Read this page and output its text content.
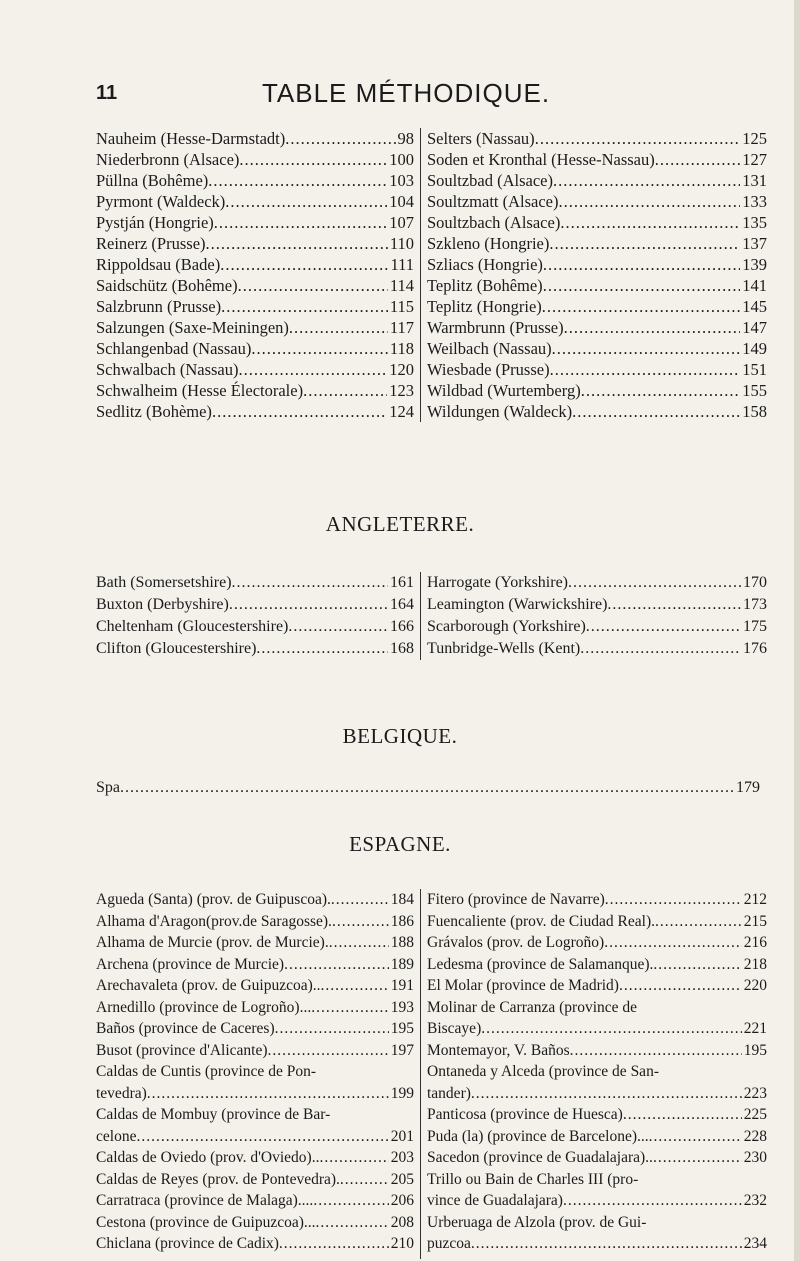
TABLE MÉTHODIQUE.
11
Nauheim (Hesse-Darmstadt) .....	98
Niederbronn (Alsace) .....	100
Püllna (Bohême) .....	103
Pyrmont (Waldeck) .....	104
Pystján (Hongrie) .....	107
Reinerz (Prusse) .....	110
Rippoldsau (Bade) .....	111
Saidschütz (Bohême) .....	114
Salzbrunn (Prusse) .....	115
Salzungen (Saxe-Meiningen) .....	117
Schlangenbad (Nassau) .....	118
Schwalbach (Nassau) .....	120
Schwalheim (Hesse Électorale) .....	123
Sedlitz (Bohème) .....	124
Selters (Nassau) .....	125
Soden et Kronthal (Hesse-Nassau) .....	127
Soultzbad (Alsace) .....	131
Soultzmatt (Alsace) .....	133
Soultzbach (Alsace) .....	135
Szkleno (Hongrie) .....	137
Szliacs (Hongrie) .....	139
Teplitz (Bohême) .....	141
Teplitz (Hongrie) .....	145
Warmbrunn (Prusse) .....	147
Weilbach (Nassau) .....	149
Wiesbade (Prusse) .....	151
Wildbad (Wurtemberg) .....	155
Wildungen (Waldeck) .....	158
ANGLETERRE.
Bath (Somersetshire) .....	161
Buxton (Derbyshire) .....	164
Cheltenham (Gloucestershire) .....	166
Clifton (Gloucestershire) .....	168
Harrogate (Yorkshire) .....	170
Leamington (Warwickshire) .....	173
Scarborough (Yorkshire) .....	175
Tunbridge-Wells (Kent) .....	176
BELGIQUE.
Spa .....	179
ESPAGNE.
Agueda (Santa) (prov. de Guipuscoa). .....	184
Alhama d'Aragon(prov.de Saragosse). .....	186
Alhama de Murcie (prov. de Murcie). .....	188
Archena (province de Murcie) .....	189
Arechavaleta (prov. de Guipuzcoa).. .....	191
Arnedillo (province de Logroño)... .....	193
Baños (province de Caceres) .....	195
Busot (province d'Alicante) .....	197
Caldas de Cuntis (province de Pon-
tevedra) .....	199
Caldas de Mombuy (province de Bar-
celone .....	201
Caldas de Oviedo (prov. d'Oviedo).. .....	203
Caldas de Reyes (prov. de Pontevedra). .....	205
Carratraca (province de Malaga).... .....	206
Cestona (province de Guipuzcoa)... .....	208
Chiclana (province de Cadix) .....	210
Fitero (province de Navarre) .....	212
Fuencaliente (prov. de Ciudad Real). .....	215
Grávalos (prov. de Logroño) .....	216
Ledesma (province de Salamanque). .....	218
El Molar (province de Madrid) .....	220
Molinar de Carranza (province de
Biscaye) .....	221
Montemayor, V. Baños .....	195
Ontaneda y Alceda (province de San-
tander) .....	223
Panticosa (province de Huesca) .....	225
Puda (la) (province de Barcelone)... .....	228
Sacedon (province de Guadalajara).. .....	230
Trillo ou Bain de Charles III (pro-
vince de Guadalajara) .....	232
Urberuaga de Alzola (prov. de Gui-
puzcoa .....	234
